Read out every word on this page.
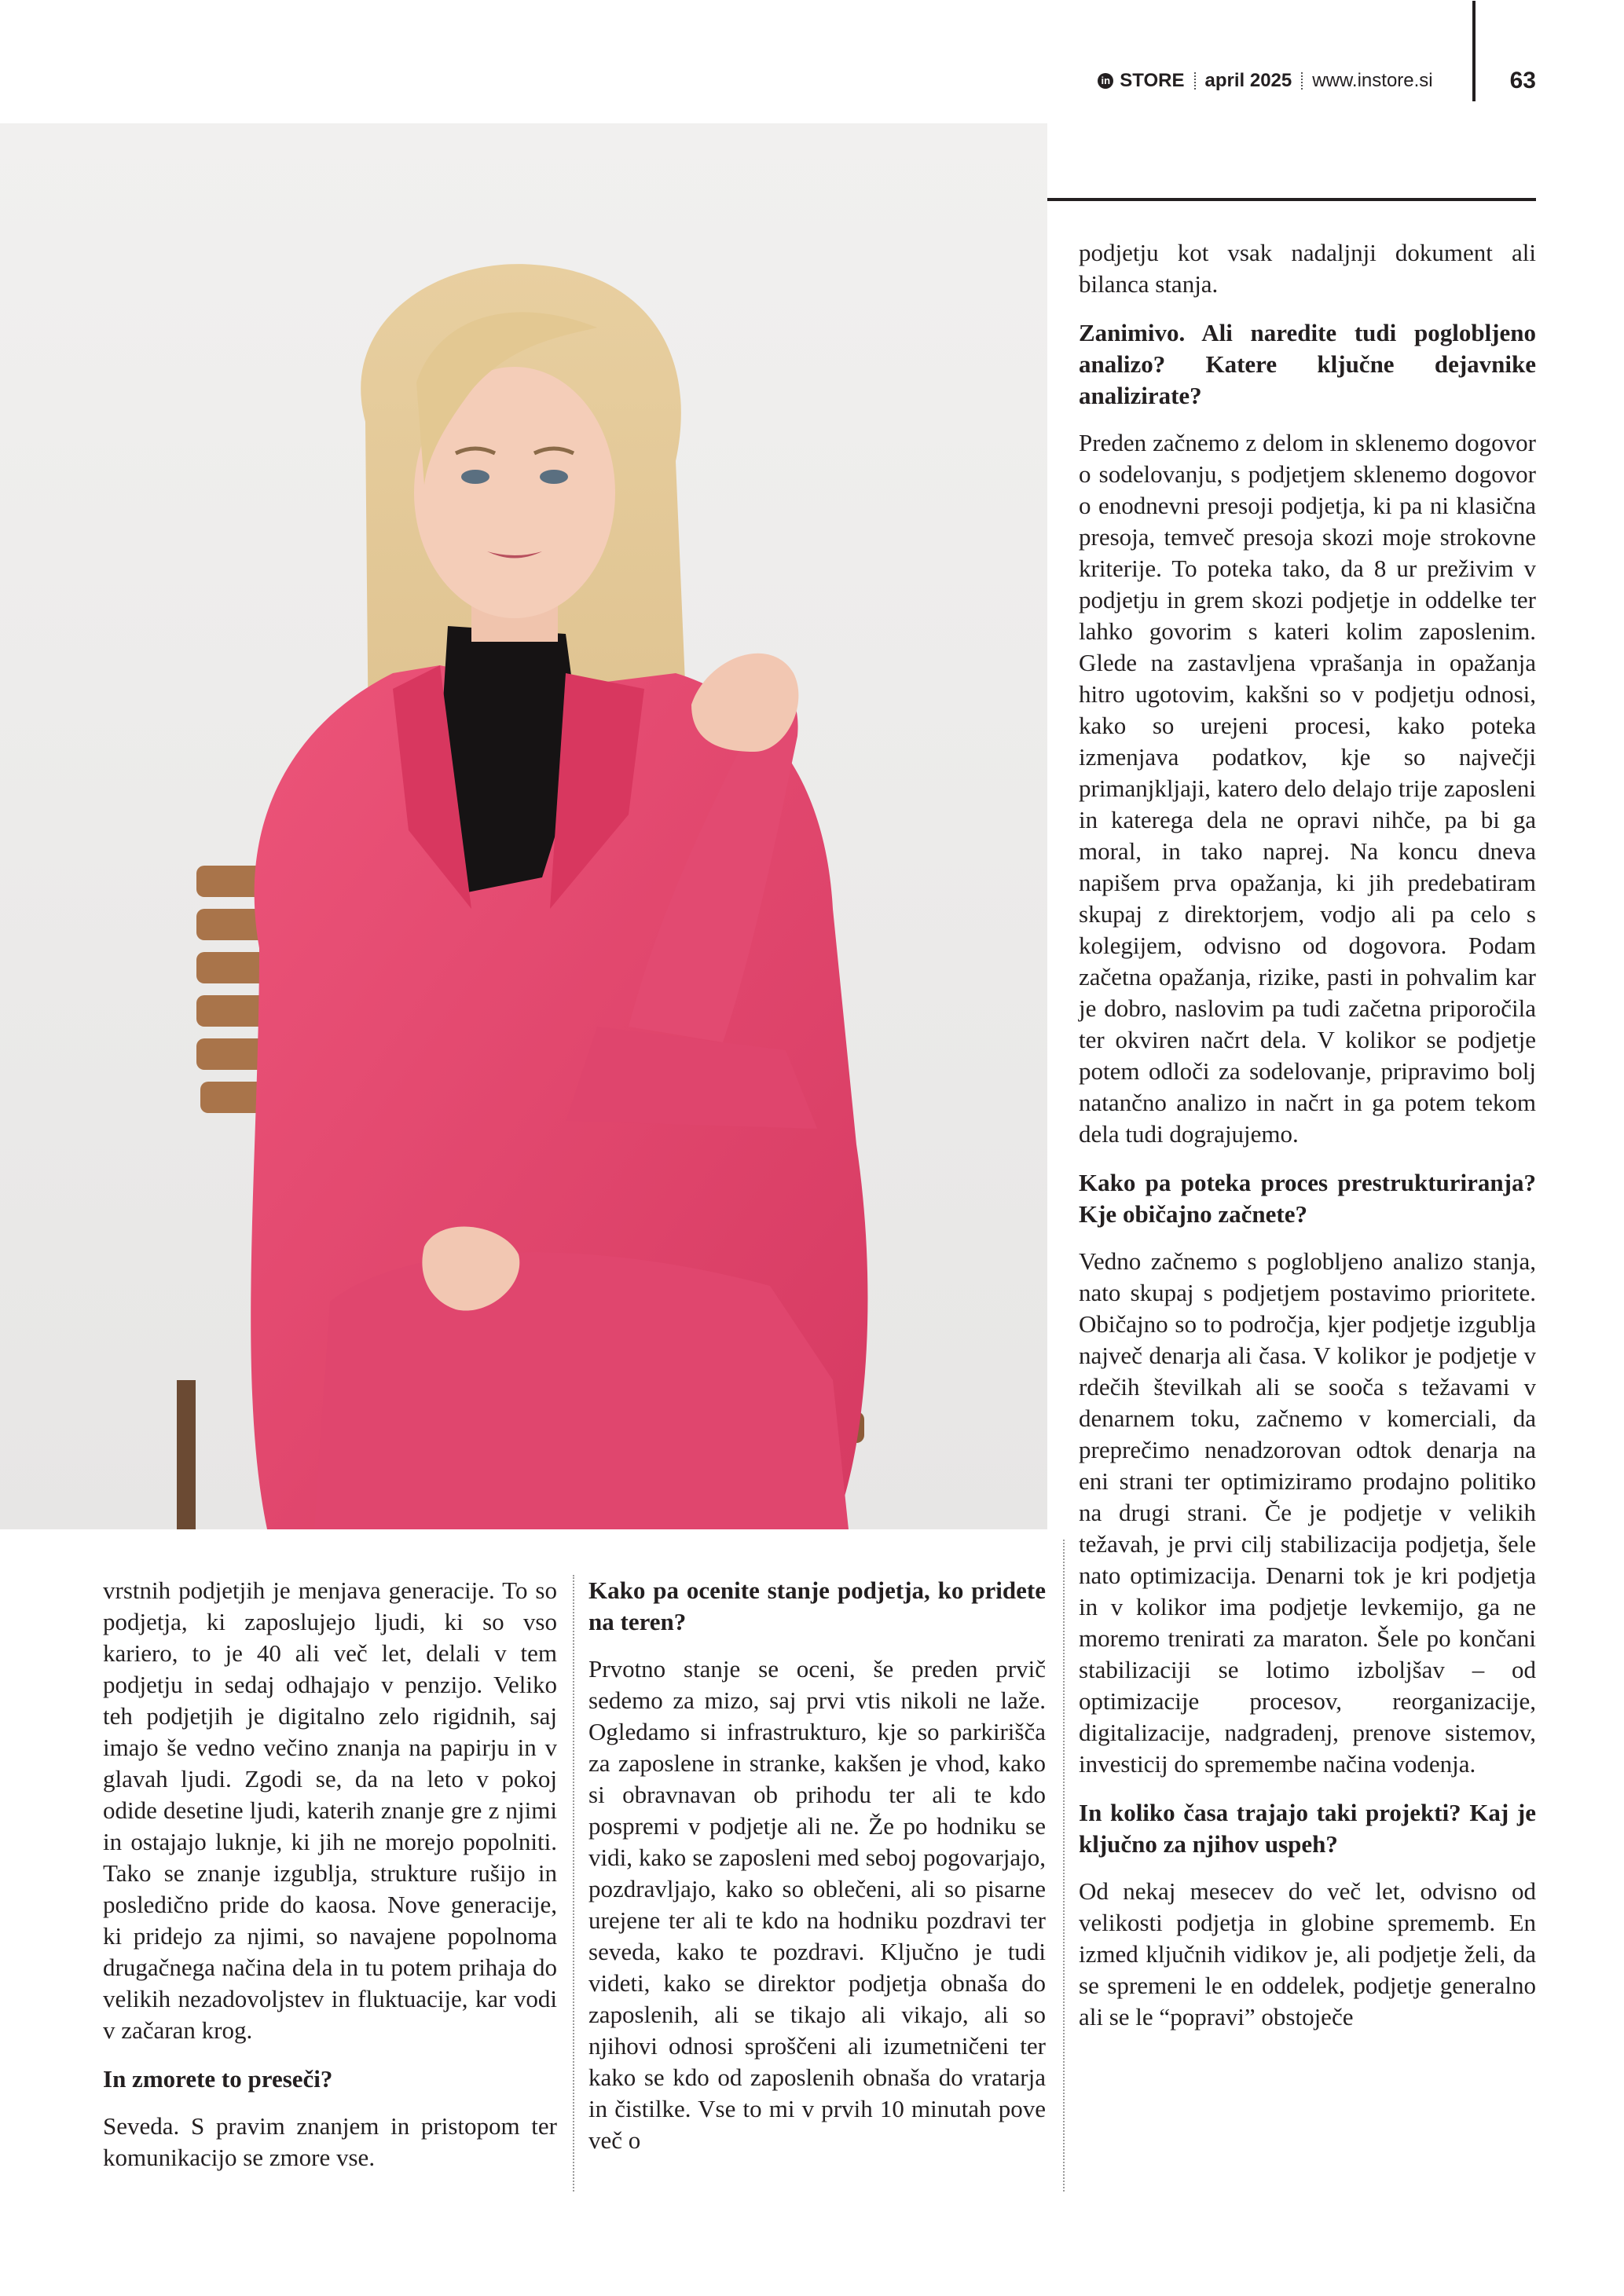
in STORE april 2025 www.instore.si	63

podjetju kot vsak nadaljnji dokument ali bilanca stanja.

Zanimivo. Ali naredite tudi poglobljeno analizo? Katere ključne dejavnike analizirate?

Preden začnemo z delom in sklenemo dogovor o sodelovanju, s podjetjem sklenemo dogovor o enodnevni presoji podjetja, ki pa ni klasična presoja, temveč presoja skozi moje strokovne kriterije. To poteka tako, da 8 ur preživim v podjetju in grem skozi podjetje in oddelke ter lahko govorim s kateri kolim zaposlenim. Glede na zastavljena vprašanja in opažanja hitro ugotovim, kakšni so v podjetju odnosi, kako so urejeni procesi, kako poteka izmenjava podatkov, kje so največji primanjkljaji, katero delo delajo trije zaposleni in katerega dela ne opravi nihče, pa bi ga moral, in tako naprej. Na koncu dneva napišem prva opažanja, ki jih predebatiram skupaj z direktorjem, vodjo ali pa celo s kolegijem, odvisno od dogovora. Podam začetna opažanja, rizike, pasti in pohvalim kar je dobro, naslovim pa tudi začetna priporočila ter okviren načrt dela. V kolikor se podjetje potem odloči za sodelovanje, pripravimo bolj natančno analizo in načrt in ga potem tekom dela tudi dograjujemo.

Kako pa poteka proces prestrukturiranja? Kje običajno začnete?

Vedno začnemo s poglobljeno analizo stanja, nato skupaj s podjetjem postavimo prioritete. Običajno so to področja, kjer podjetje izgublja največ denarja ali časa. V kolikor je podjetje v rdečih številkah ali se sooča s težavami v denarnem toku, začnemo v komerciali, da preprečimo nenadzorovan odtok denarja na eni strani ter optimiziramo prodajno politiko na drugi strani. Če je podjetje v velikih težavah, je prvi cilj stabilizacija podjetja, šele nato optimizacija. Denarni tok je kri podjetja in v kolikor ima podjetje levkemijo, ga ne moremo trenirati za maraton. Šele po končani stabilizaciji se lotimo izboljšav – od optimizacije procesov, reorganizacije, digitalizacije, nadgradenj, prenove sistemov, investicij do spremembe načina vodenja.

In koliko časa trajajo taki projekti? Kaj je ključno za njihov uspeh?

Od nekaj mesecev do več let, odvisno od velikosti podjetja in globine sprememb. En izmed ključnih vidikov je, ali podjetje želi, da se spremeni le en oddelek, podjetje generalno ali se le “popravi” obstoječe

vrstnih podjetjih je menjava generacije. To so podjetja, ki zaposlujejo ljudi, ki so vso kariero, to je 40 ali več let, delali v tem podjetju in sedaj odhajajo v penzijo. Veliko teh podjetjih je digitalno zelo rigidnih, saj imajo še vedno večino znanja na papirju in v glavah ljudi. Zgodi se, da na leto v pokoj odide desetine ljudi, katerih znanje gre z njimi in ostajajo luknje, ki jih ne morejo popolniti. Tako se znanje izgublja, strukture rušijo in posledično pride do kaosa. Nove generacije, ki pridejo za njimi, so navajene popolnoma drugačnega načina dela in tu potem prihaja do velikih nezadovoljstev in fluktuacije, kar vodi v začaran krog.

In zmorete to preseči?

Seveda. S pravim znanjem in pristopom ter komunikacijo se zmore vse.

Kako pa ocenite stanje podjetja, ko pridete na teren?

Prvotno stanje se oceni, še preden prvič sedemo za mizo, saj prvi vtis nikoli ne laže. Ogledamo si infrastrukturo, kje so parkirišča za zaposlene in stranke, kakšen je vhod, kako si obravnavan ob prihodu ter ali te kdo pospremi v podjetje ali ne. Že po hodniku se vidi, kako se zaposleni med seboj pogovarjajo, pozdravljajo, kako so oblečeni, ali so pisarne urejene ter ali te kdo na hodniku pozdravi ter seveda, kako te pozdravi. Ključno je tudi videti, kako se direktor podjetja obnaša do zaposlenih, ali se tikajo ali vikajo, ali so njihovi odnosi sproščeni ali izumetničeni ter kako se kdo od zaposlenih obnaša do vratarja in čistilke. Vse to mi v prvih 10 minutah pove več o
